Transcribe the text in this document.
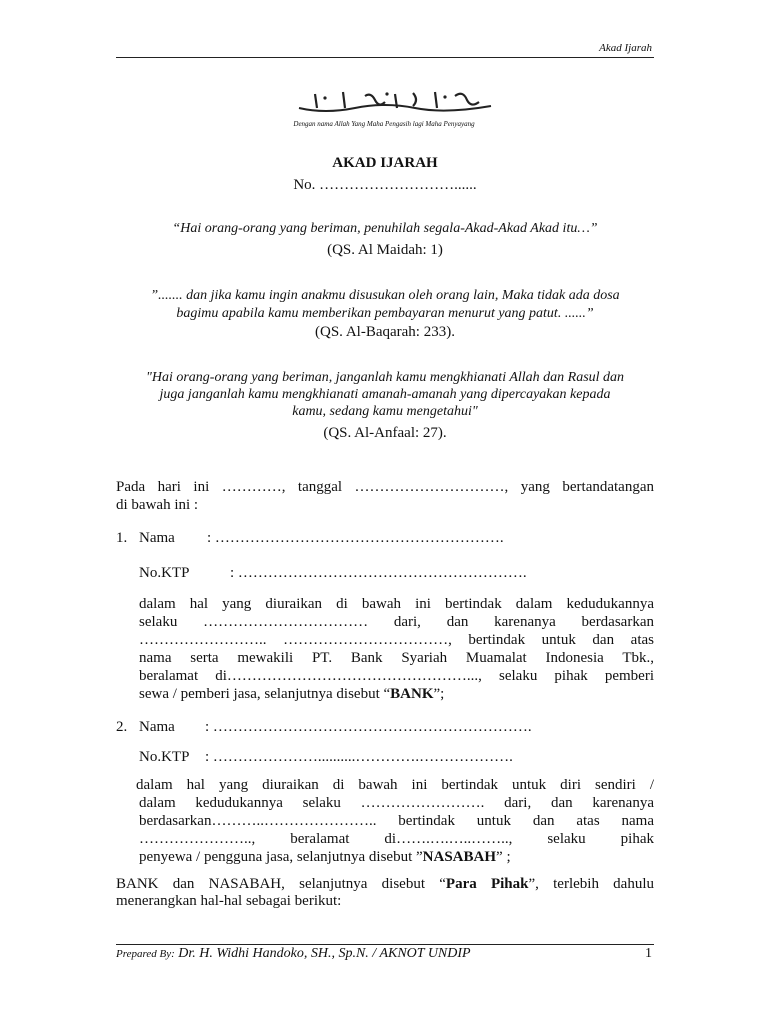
Akad Ijarah
Dengan nama Allah Yang Maha Pengasih lagi Maha Penyayang
AKAD IJARAH
No. ………………………......
“Hai orang-orang yang beriman, penuhilah segala-Akad-Akad Akad itu…”
(QS. Al Maidah: 1)
”....... dan jika kamu ingin anakmu disusukan oleh orang lain, Maka tidak ada dosa
bagimu apabila kamu memberikan pembayaran menurut yang patut. ......”
(QS. Al-Baqarah: 233).
"Hai orang-orang yang beriman, janganlah kamu mengkhianati Allah dan Rasul dan
juga janganlah kamu mengkhianati amanah-amanah yang dipercayakan kepada
kamu, sedang kamu mengetahui"
(QS. Al-Anfaal: 27).
Pada hari ini …………, tanggal …………………………, yang bertandatangan
di bawah ini :
1. Nama : ………………………………………………….
No.KTP	: ………………………………………………….
dalam hal yang diuraikan di bawah ini bertindak dalam kedudukannya
selaku …………………………… dari, dan karenanya berdasarkan
…………………….. ……………………………, bertindak untuk dan atas
nama serta mewakili PT. Bank Syariah Muamalat Indonesia Tbk.,
beralamat di…………………………………………..., selaku pihak pemberi
sewa / pemberi jasa, selanjutnya disebut “BANK”;
2. Nama : ……………………………………………………….
No.KTP : …………………..........………….……………….
dalam hal yang diuraikan di bawah ini bertindak untuk diri sendiri /
dalam kedudukannya selaku ……………………. dari, dan karenanya
berdasarkan………..………………….. bertindak untuk dan atas nama
………………….., beralamat di…….….…..…….., selaku pihak
penyewa / pengguna jasa, selanjutnya disebut ”NASABAH” ;
BANK dan NASABAH, selanjutnya disebut “Para Pihak”, terlebih dahulu
menerangkan hal-hal sebagai berikut:
Prepared By: Dr. H. Widhi Handoko, SH., Sp.N. / AKNOT UNDIP	1
